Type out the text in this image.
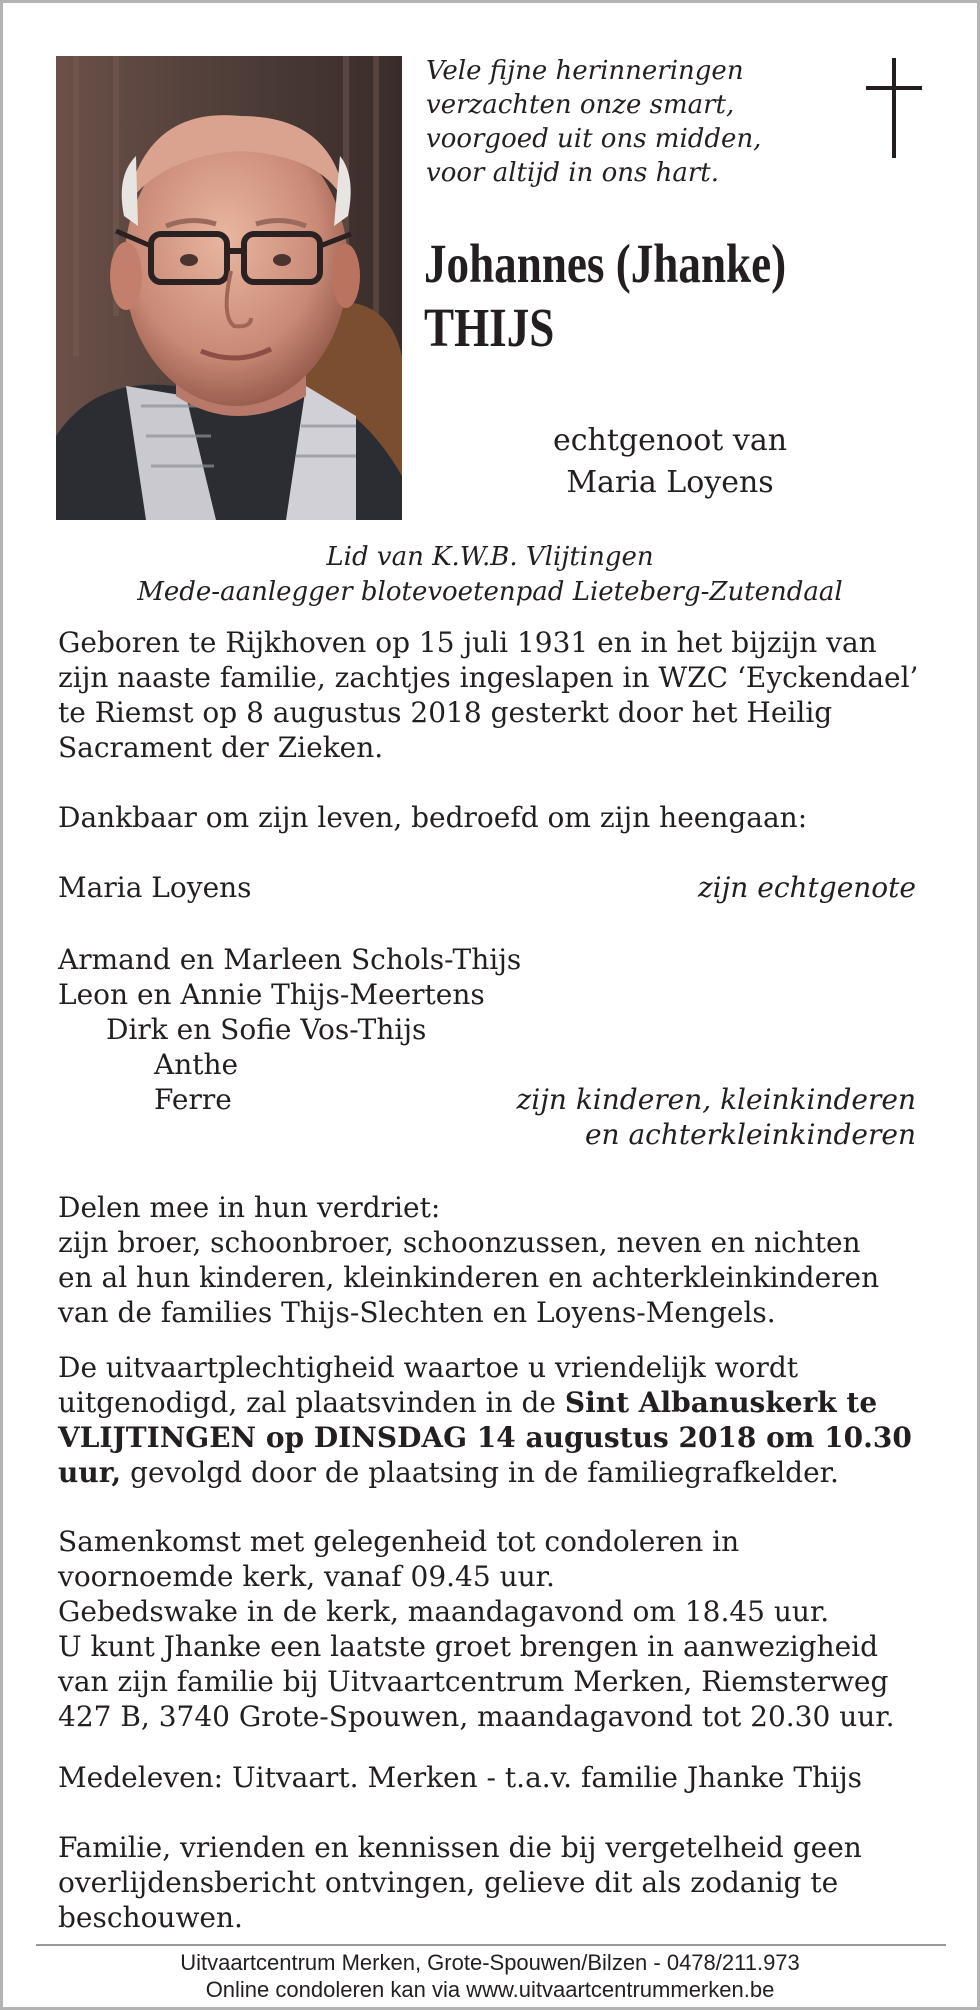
Vele fijne herinneringen
verzachten onze smart,
voorgoed uit ons midden,
voor altijd in ons hart.
Johannes (Jhanke)
THIJS
echtgenoot van
Maria Loyens
Lid van K.W.B. Vlijtingen
Mede-aanlegger blotevoetenpad Lieteberg-Zutendaal
Geboren te Rijkhoven op 15 juli 1931 en in het bijzijn van
zijn naaste familie, zachtjes ingeslapen in WZC ‘Eyckendael’
te Riemst op 8 augustus 2018 gesterkt door het Heilig
Sacrament der Zieken.
Dankbaar om zijn leven, bedroefd om zijn heengaan:
Maria Loyens	zijn echtgenote
Armand en Marleen Schols-Thijs
Leon en Annie Thijs-Meertens
Dirk en Sofie Vos-Thijs
Anthe
Ferre	zijn kinderen, kleinkinderen
en achterkleinkinderen
Delen mee in hun verdriet:
zijn broer, schoonbroer, schoonzussen, neven en nichten
en al hun kinderen, kleinkinderen en achterkleinkinderen
van de families Thijs-Slechten en Loyens-Mengels.
De uitvaartplechtigheid waartoe u vriendelijk wordt
uitgenodigd, zal plaatsvinden in de Sint Albanuskerk te
VLIJTINGEN op DINSDAG 14 augustus 2018 om 10.30
uur, gevolgd door de plaatsing in de familiegrafkelder.
Samenkomst met gelegenheid tot condoleren in
voornoemde kerk, vanaf 09.45 uur.
Gebedswake in de kerk, maandagavond om 18.45 uur.
U kunt Jhanke een laatste groet brengen in aanwezigheid
van zijn familie bij Uitvaartcentrum Merken, Riemsterweg
427 B, 3740 Grote-Spouwen, maandagavond tot 20.30 uur.
Medeleven: Uitvaart. Merken - t.a.v. familie Jhanke Thijs
Familie, vrienden en kennissen die bij vergetelheid geen
overlijdensbericht ontvingen, gelieve dit als zodanig te
beschouwen.
Uitvaartcentrum Merken, Grote-Spouwen/Bilzen - 0478/211.973
Online condoleren kan via www.uitvaartcentrummerken.be
